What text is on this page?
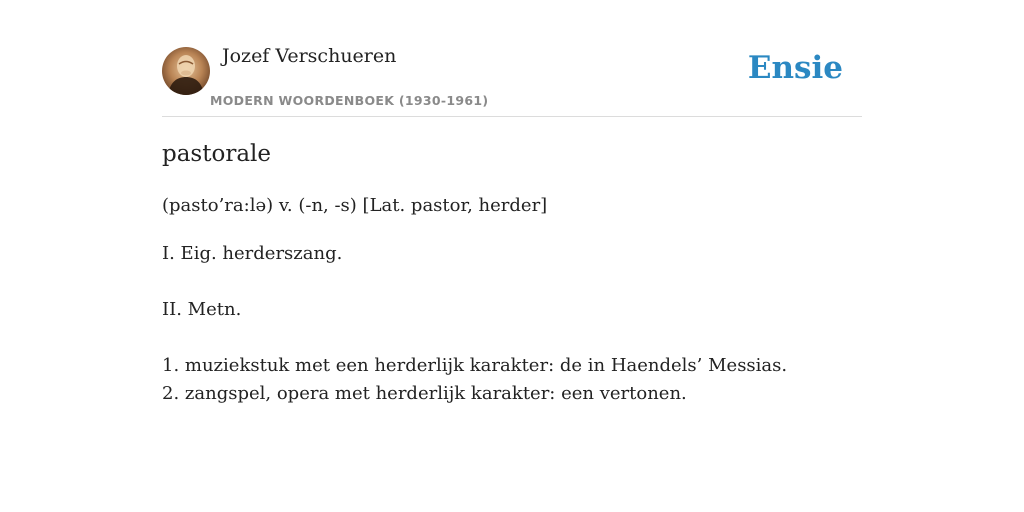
Jozef Verschueren
MODERN WOORDENBOEK (1930-1961)
Ensie
pastorale

(pasto’ra:lə) v. (-n, -s) [Lat. pastor, herder]

I. Eig. herderszang.

II. Metn.

1. muziekstuk met een herderlijk karakter: de in Haendels’ Messias.

2. zangspel, opera met herderlijk karakter: een vertonen.
